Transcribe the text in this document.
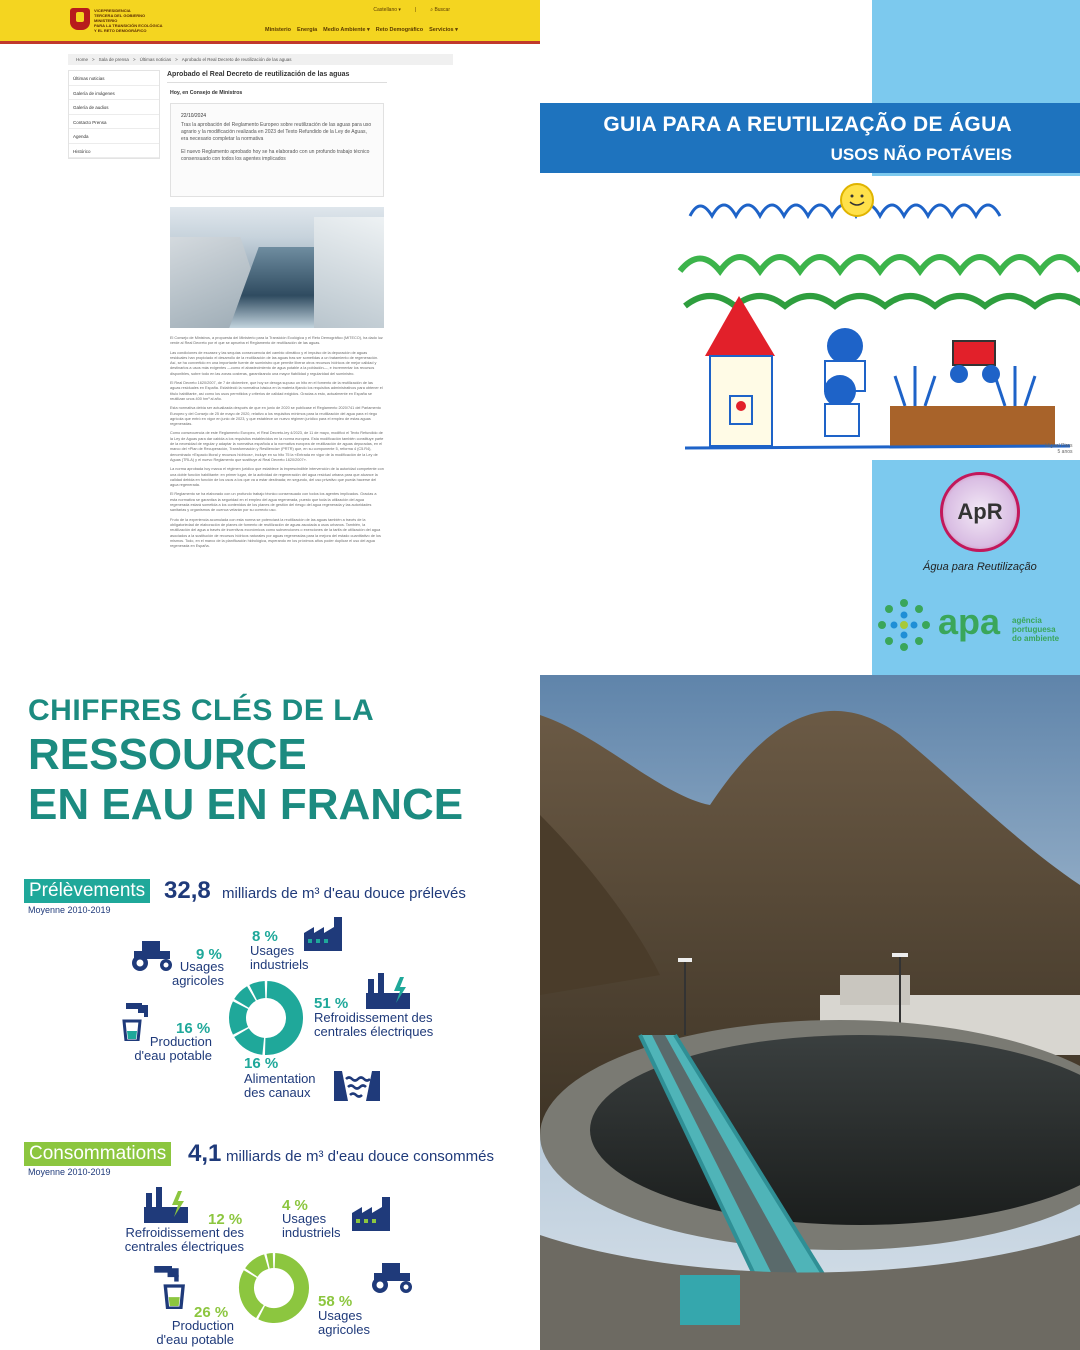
VICEPRESIDENCIA
TERCERA DEL GOBIERNO
MINISTERIO
PARA LA TRANSICIÓN ECOLÓGICA
Y EL RETO DEMOGRÁFICO
Castellano ▾	|	⌕ Buscar
Ministerio Energía Medio Ambiente ▾ Reto Demográfico Servicios ▾
Home > Sala de prensa > Últimas noticias > Aprobado el Real Decreto de reutilización de las aguas
Últimas noticias
Galería de imágenes
Galería de audios
Contacto Prensa
Agenda
Histórico
Aprobado el Real Decreto de reutilización de las aguas
Hoy, en Consejo de Ministros
22/10/2024
Tras la aprobación del Reglamento Europeo sobre reutilización de las aguas para uso agrario y la modificación realizada en 2023 del Texto Refundido de la Ley de Aguas, era necesario completar la normativa
El nuevo Reglamento aprobado hoy se ha elaborado con un profundo trabajo técnico consensuado con todos los agentes implicados

El Consejo de Ministros, a propuesta del Ministerio para la Transición Ecológica y el Reto Demográfico (MITECO), ha dado luz verde al Real Decreto por el que se aprueba el Reglamento de reutilización de las aguas.

Las condiciones de escasez y las sequías consecuencia del cambio climático y el impulso de la depuración de aguas residuales han propiciado el desarrollo de la reutilización de las aguas tras ser sometidas a un tratamiento de regeneración. Así, se ha convertido en una importante fuente de suministro que permite liberar otros recursos hídricos de mejor calidad y destinarlos a usos más exigentes —como el abastecimiento de agua potable a la población—, e incrementar los recursos disponibles, sobre todo en las zonas costeras, garantizando una mayor fiabilidad y regularidad del suministro.

El Real Decreto 1620/2007, de 7 de diciembre, que hoy se deroga supuso un hito en el fomento de la reutilización de las aguas residuales en España. Estableció la normativa básica en la materia fijando los requisitos administrativos para obtener el título habilitante, así como los usos permitidos y criterios de calidad exigidos. Gracias a esto, actualmente en España se reutilizan unos 400 hm³ al año.

Esta normativa debía ser actualizada después de que en junio de 2020 se publicase el Reglamento 2020/741 del Parlamento Europeo y del Consejo de 25 de mayo de 2020, relativo a los requisitos mínimos para la reutilización del agua para el riego agrícola que entró en vigor en junio de 2023, y que establece un nuevo régimen jurídico para el empleo de estas aguas regeneradas.

Como consecuencia de este Reglamento Europeo, el Real Decreto-ley 4/2023, de 11 de mayo, modificó el Texto Refundido de la Ley de Aguas para dar cabida a los requisitos establecidos en la norma europea. Esta modificación también constituye parte de la necesidad de regular y adaptar la normativa española a la normativa europea de reutilización de aguas depuradas, en el marco del «Plan de Recuperación, Transformación y Resiliencia» (PRTR) que, en su componente 5, reforma 4 (C5.R4), denominado «Espacio litoral y recursos hídricos», incluye en su hito 75 la «Entrada en vigor de la modificación de la Ley de Aguas (TRLA) y el nuevo Reglamento que sustituye al Real Decreto 1620/2007».

La norma aprobada hoy marca el régimen jurídico que establece la imprescindible intervención de la autoridad competente con una doble función habilitante: en primer lugar, de la actividad de regeneración del agua residual urbana para que alcance la calidad debida en función de los usos a los que va a estar destinada; en segundo, del uso privativo que pueda hacerse del agua regenerada.

El Reglamento se ha elaborado con un profundo trabajo técnico consensuado con todos los agentes implicados. Gracias a esta normativa se garantiza la seguridad en el empleo del agua regenerada, puesto que toda la utilización del agua regenerada estará sometida a los contenidos de los planes de gestión del riesgo del agua regenerada y las autoridades sanitarias y organismos de cuenca velarán por su correcto uso.

Fruto de la experiencia acumulada con esta norma se potenciará la reutilización de las aguas también a través de la obligatoriedad de elaboración de planes de fomento de reutilización de aguas asociada a usos urbanos. También, la reutilización del agua a través de incentivos económicos como subvenciones o exenciones de la tarifa de utilización del agua asociados a la sustitución de recursos hídricos naturales por aguas regeneradas para la mejora del estado cuantitativo de los mismos. Todo, en el marco de la planificación hidrológica, esperando en los próximos años poder duplicar el uso del agua regenerada en España.

GUIA PARA A REUTILIZAÇÃO DE ÁGUA
USOS NÃO POTÁVEIS
Miguel Pires
5 anos
ApR
Água para Reutilização
apa agência portuguesa
do ambiente
CHIFFRES CLÉS DE LA
RESSOURCE
EN EAU EN FRANCE
Prélèvements 32,8 milliards de m³ d'eau douce prélevés
Moyenne 2010-2019
51 %
Refroidissement des
centrales électriques
16 %
Alimentation
des canaux
16 %
Production
d'eau potable
9 %
Usages
agricoles
8 %
Usages
industriels
Consommations 4,1 milliards de m³ d'eau douce consommés
Moyenne 2010-2019
58 %
Usages
agricoles
26 %
Production
d'eau potable
12 %
Refroidissement des
centrales électriques
4 %
Usages
industriels
